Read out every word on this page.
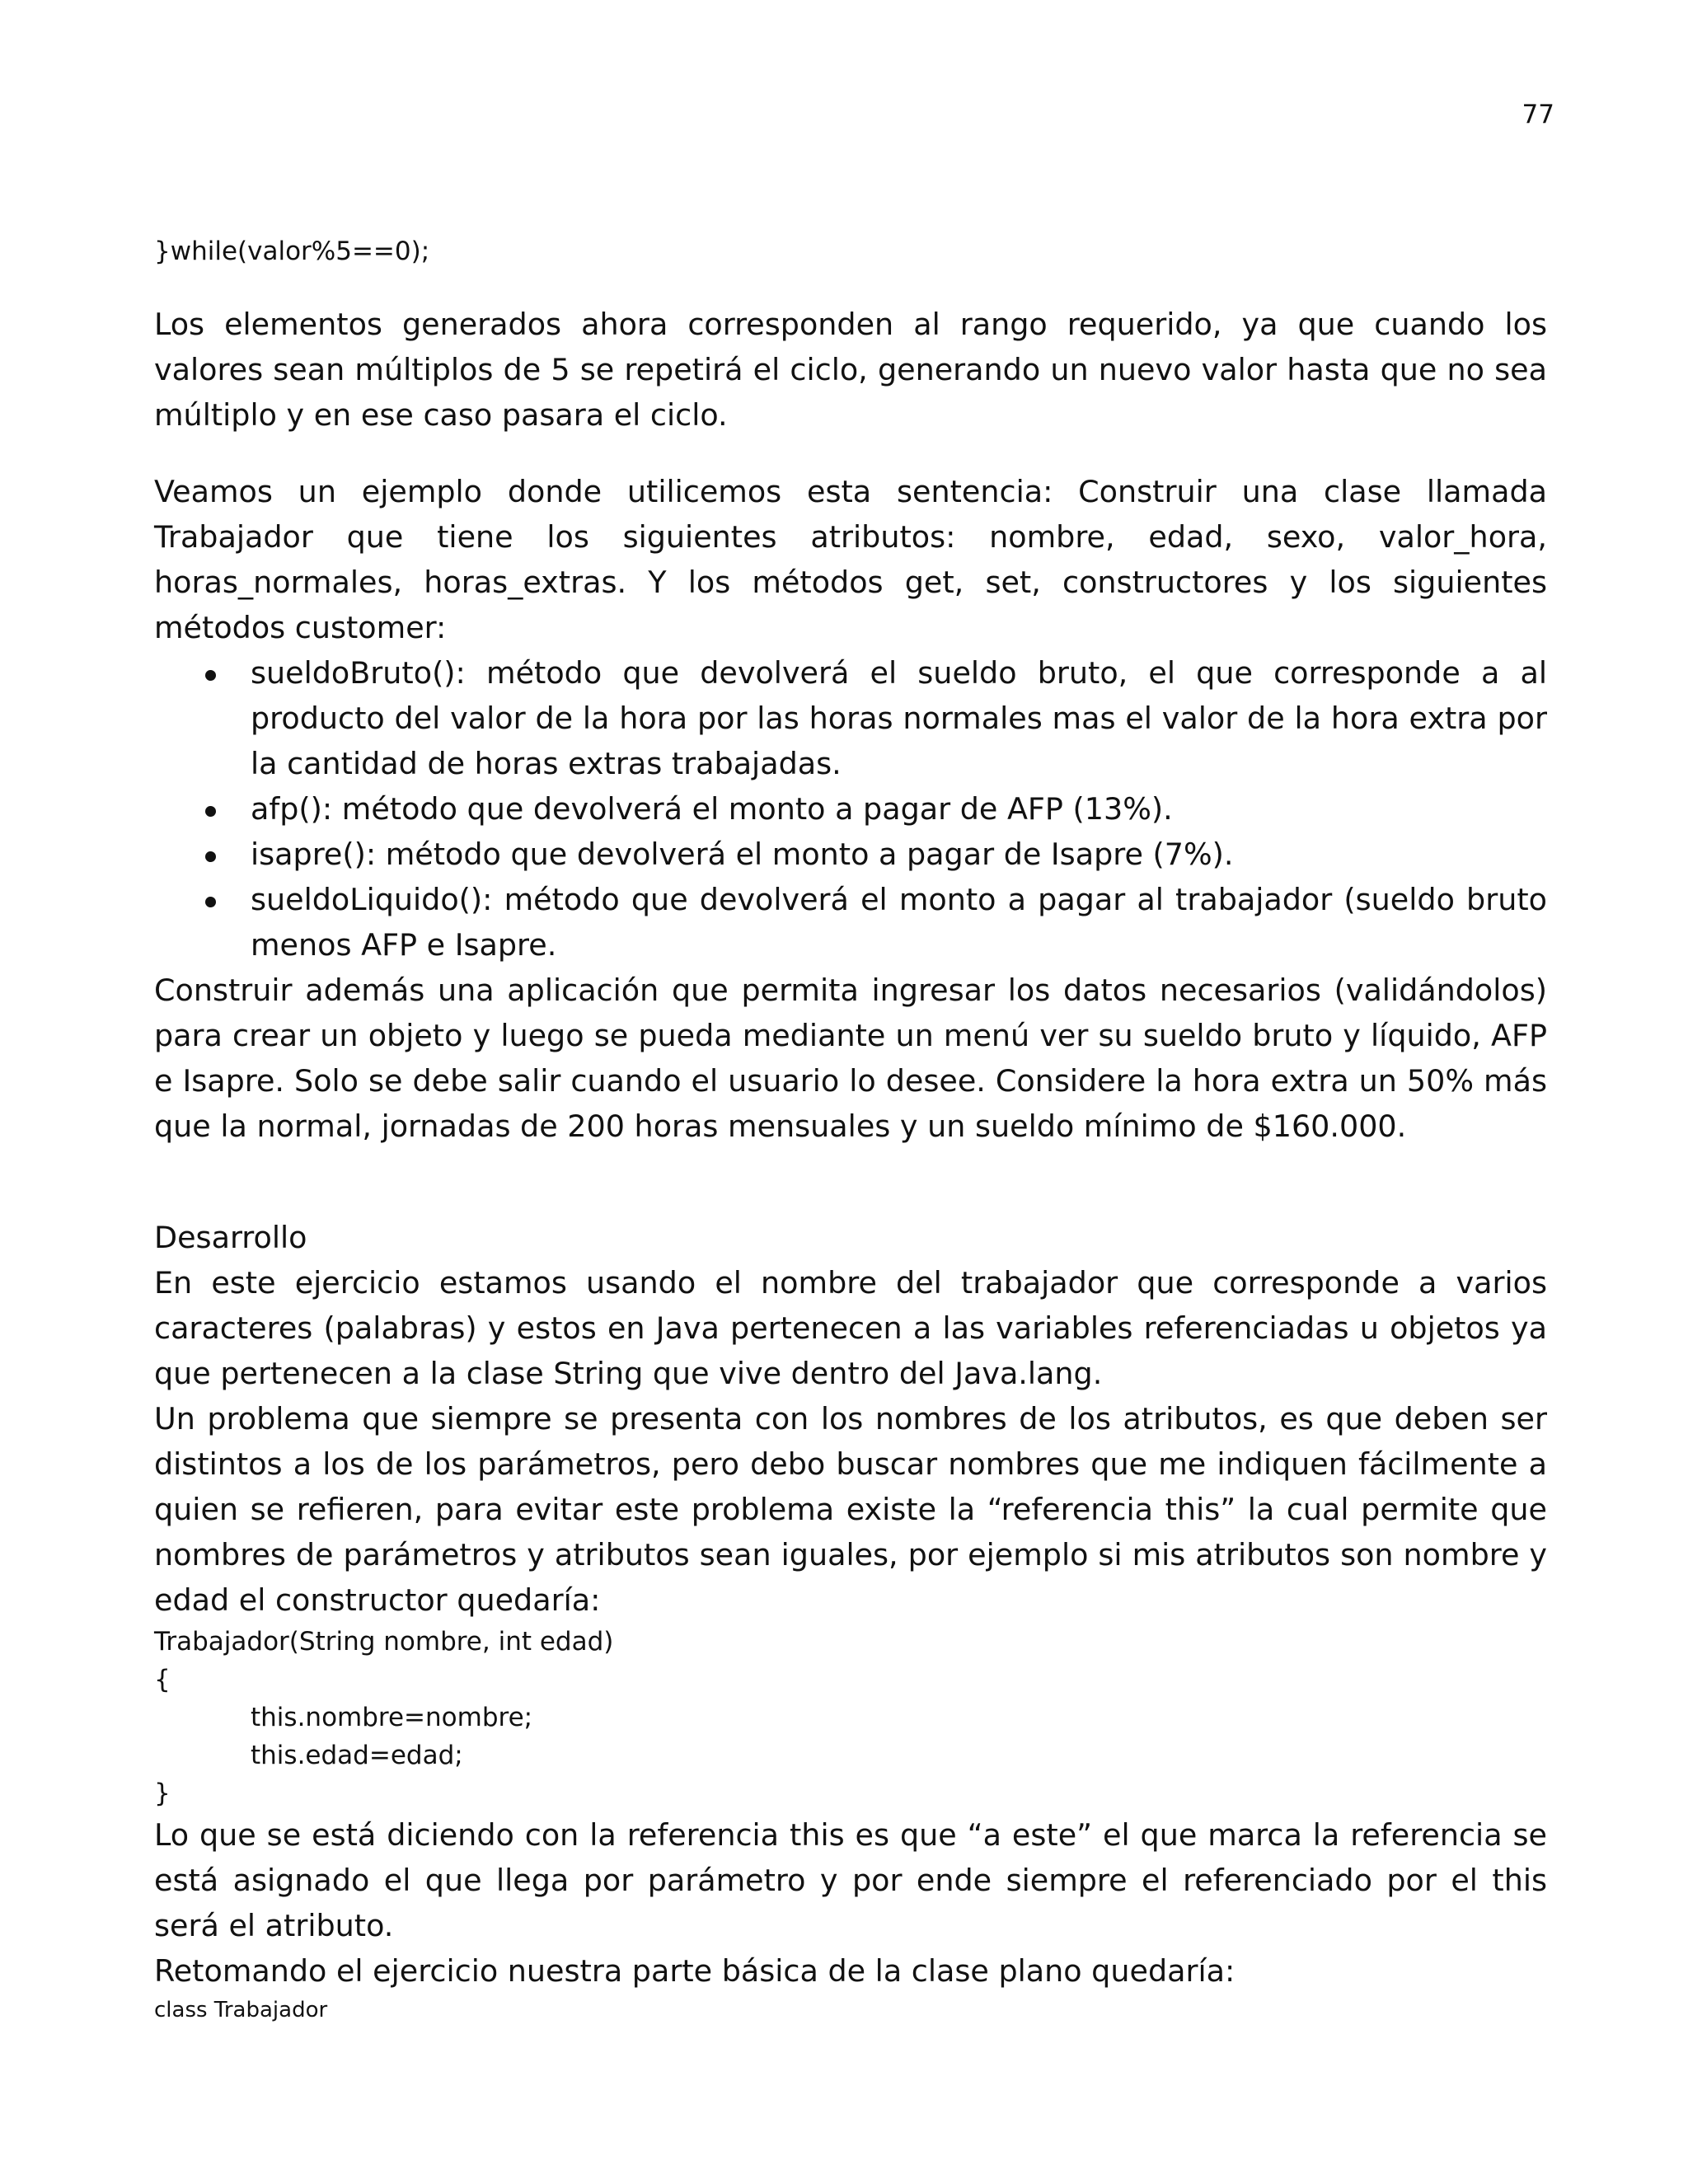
77
}while(valor%5==0);

Los elementos generados ahora corresponden al rango requerido, ya que cuando los valores sean múltiplos de 5 se repetirá el ciclo, generando un nuevo valor hasta que no sea múltiplo y en ese caso pasara el ciclo.

Veamos un ejemplo donde utilicemos esta sentencia: Construir una clase llamada Trabajador que tiene los siguientes atributos: nombre, edad, sexo, valor_hora, horas_normales, horas_extras. Y los métodos get, set, constructores y los siguientes métodos customer:

sueldoBruto(): método que devolverá el sueldo bruto, el que corresponde a al producto del valor de la hora por las horas normales mas el valor de la hora extra por la cantidad de horas extras trabajadas.
afp(): método que devolverá el monto a pagar de AFP (13%).
isapre(): método que devolverá el monto a pagar de Isapre (7%).
sueldoLiquido(): método que devolverá el monto a pagar al trabajador (sueldo bruto menos AFP e Isapre.

Construir además una aplicación que permita ingresar los datos necesarios (validándolos) para crear un objeto y luego se pueda mediante un menú ver su sueldo bruto y líquido, AFP e Isapre. Solo se debe salir cuando el usuario lo desee. Considere la hora extra un 50% más que la normal, jornadas de 200 horas mensuales y un sueldo mínimo de $160.000.

Desarrollo

En este ejercicio estamos usando el nombre del trabajador que corresponde a varios caracteres (palabras) y estos en Java pertenecen a las variables referenciadas u objetos ya que pertenecen a la clase String que vive dentro del Java.lang.

Un problema que siempre se presenta con los nombres de los atributos, es que deben ser distintos a los de los parámetros, pero debo buscar nombres que me indiquen fácilmente a quien se refieren, para evitar este problema existe la “referencia this” la cual permite que nombres de parámetros y atributos sean iguales, por ejemplo si mis atributos son nombre y edad el constructor quedaría:

Trabajador(String nombre, int edad)
{
this.nombre=nombre;
this.edad=edad;
}

Lo que se está diciendo con la referencia this es que “a este” el que marca la referencia se está asignado el que llega por parámetro y por ende siempre el referenciado por el this será el atributo.

Retomando el ejercicio nuestra parte básica de la clase plano quedaría:

class Trabajador
